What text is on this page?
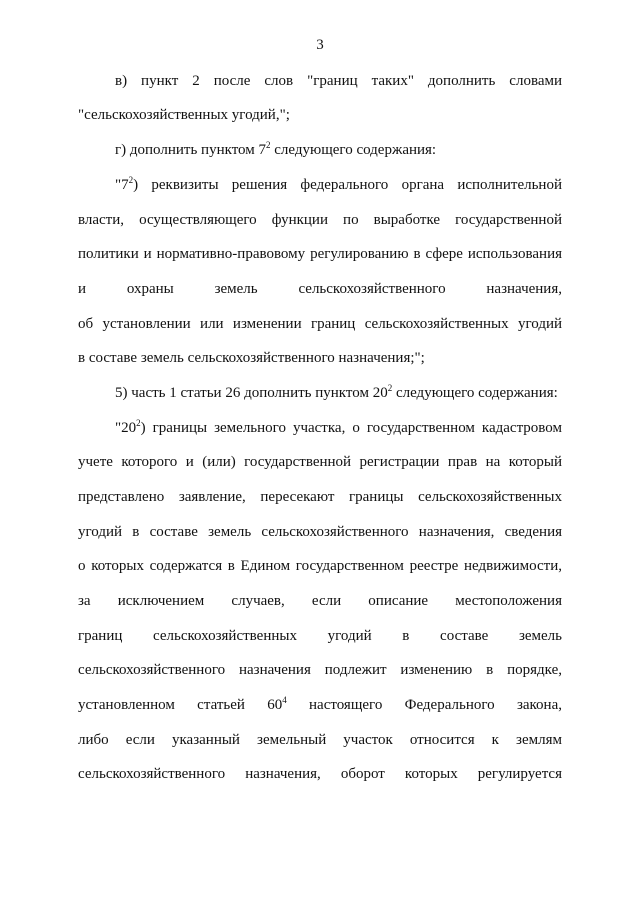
3
в) пункт 2 после слов "границ таких" дополнить словами
"сельскохозяйственных угодий,";
г) дополнить пунктом $7^2$ следующего содержания:
"$7^2$) реквизиты решения федерального органа исполнительной
власти, осуществляющего функции по выработке государственной
политики и нормативно-правовому регулированию в сфере использования
и охраны земель сельскохозяйственного назначения,
об установлении или изменении границ сельскохозяйственных угодий
в составе земель сельскохозяйственного назначения;";
5) часть 1 статьи 26 дополнить пунктом $20^2$ следующего содержания:
"$20^2$) границы земельного участка, о государственном кадастровом
учете которого и (или) государственной регистрации прав на который
представлено заявление, пересекают границы сельскохозяйственных
угодий в составе земель сельскохозяйственного назначения, сведения
о которых содержатся в Едином государственном реестре недвижимости,
за исключением случаев, если описание местоположения
границ сельскохозяйственных угодий в составе земель
сельскохозяйственного назначения подлежит изменению в порядке,
установленном статьей $60^4$ настоящего Федерального закона,
либо если указанный земельный участок относится к землям
сельскохозяйственного назначения, оборот которых регулируется
